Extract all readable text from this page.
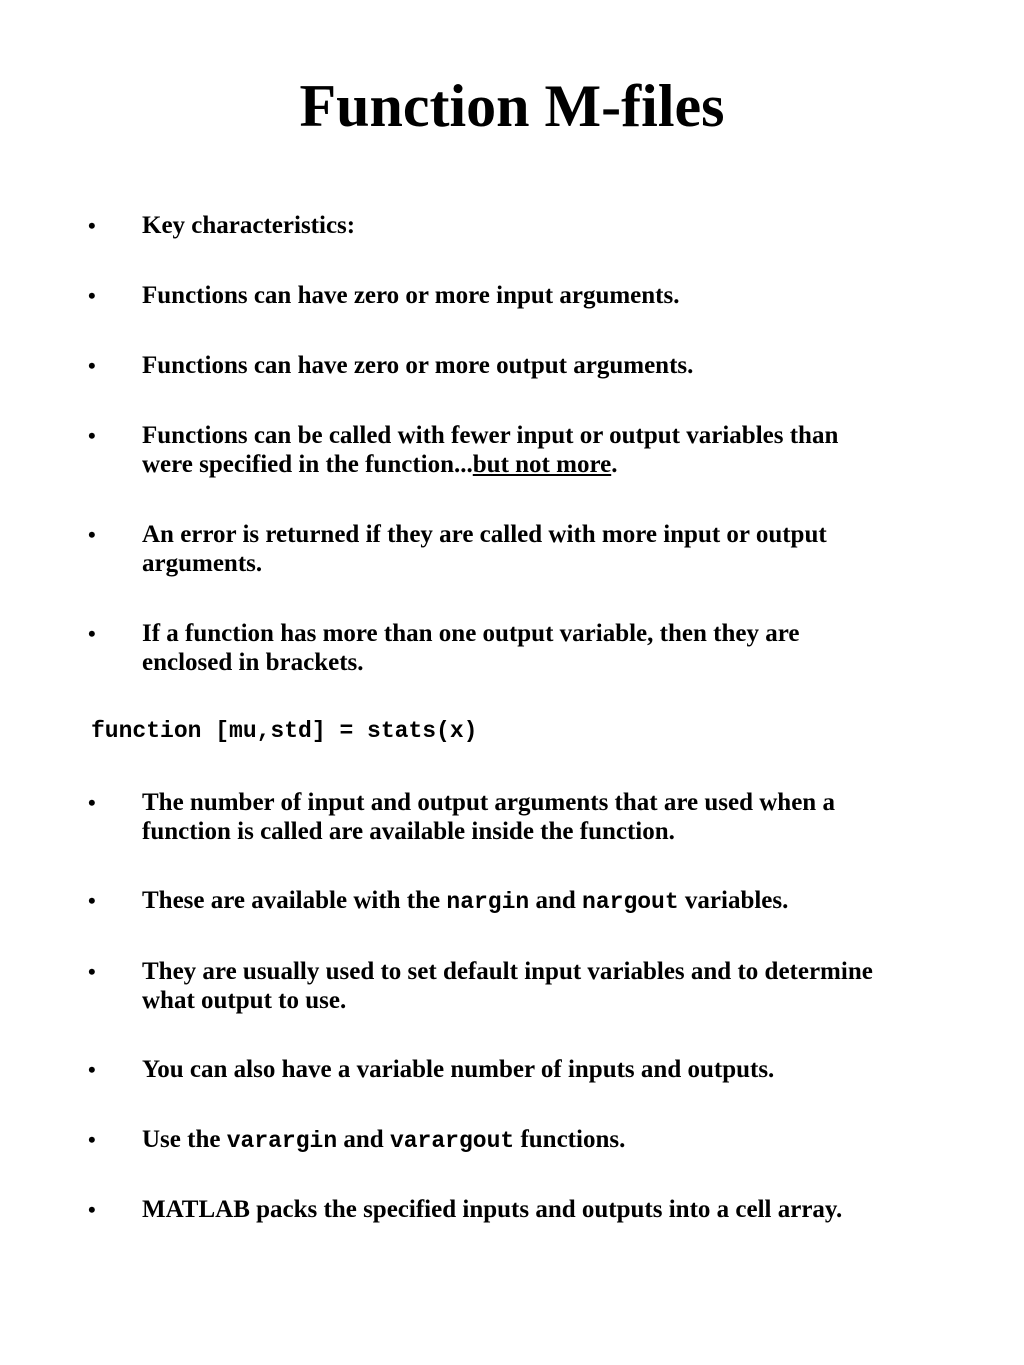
Function M-files
• Key characteristics:
• Functions can have zero or more input arguments.
• Functions can have zero or more output arguments.
• Functions can be called with fewer input or output variables than
were specified in the function...but not more.
• An error is returned if they are called with more input or output
arguments.
• If a function has more than one output variable, then they are
enclosed in brackets.
function [mu,std] = stats(x)
• The number of input and output arguments that are used when a
function is called are available inside the function.
• These are available with the nargin and nargout variables.
• They are usually used to set default input variables and to determine
what output to use.
• You can also have a variable number of inputs and outputs.
• Use the varargin and varargout functions.
• MATLAB packs the specified inputs and outputs into a cell array.
